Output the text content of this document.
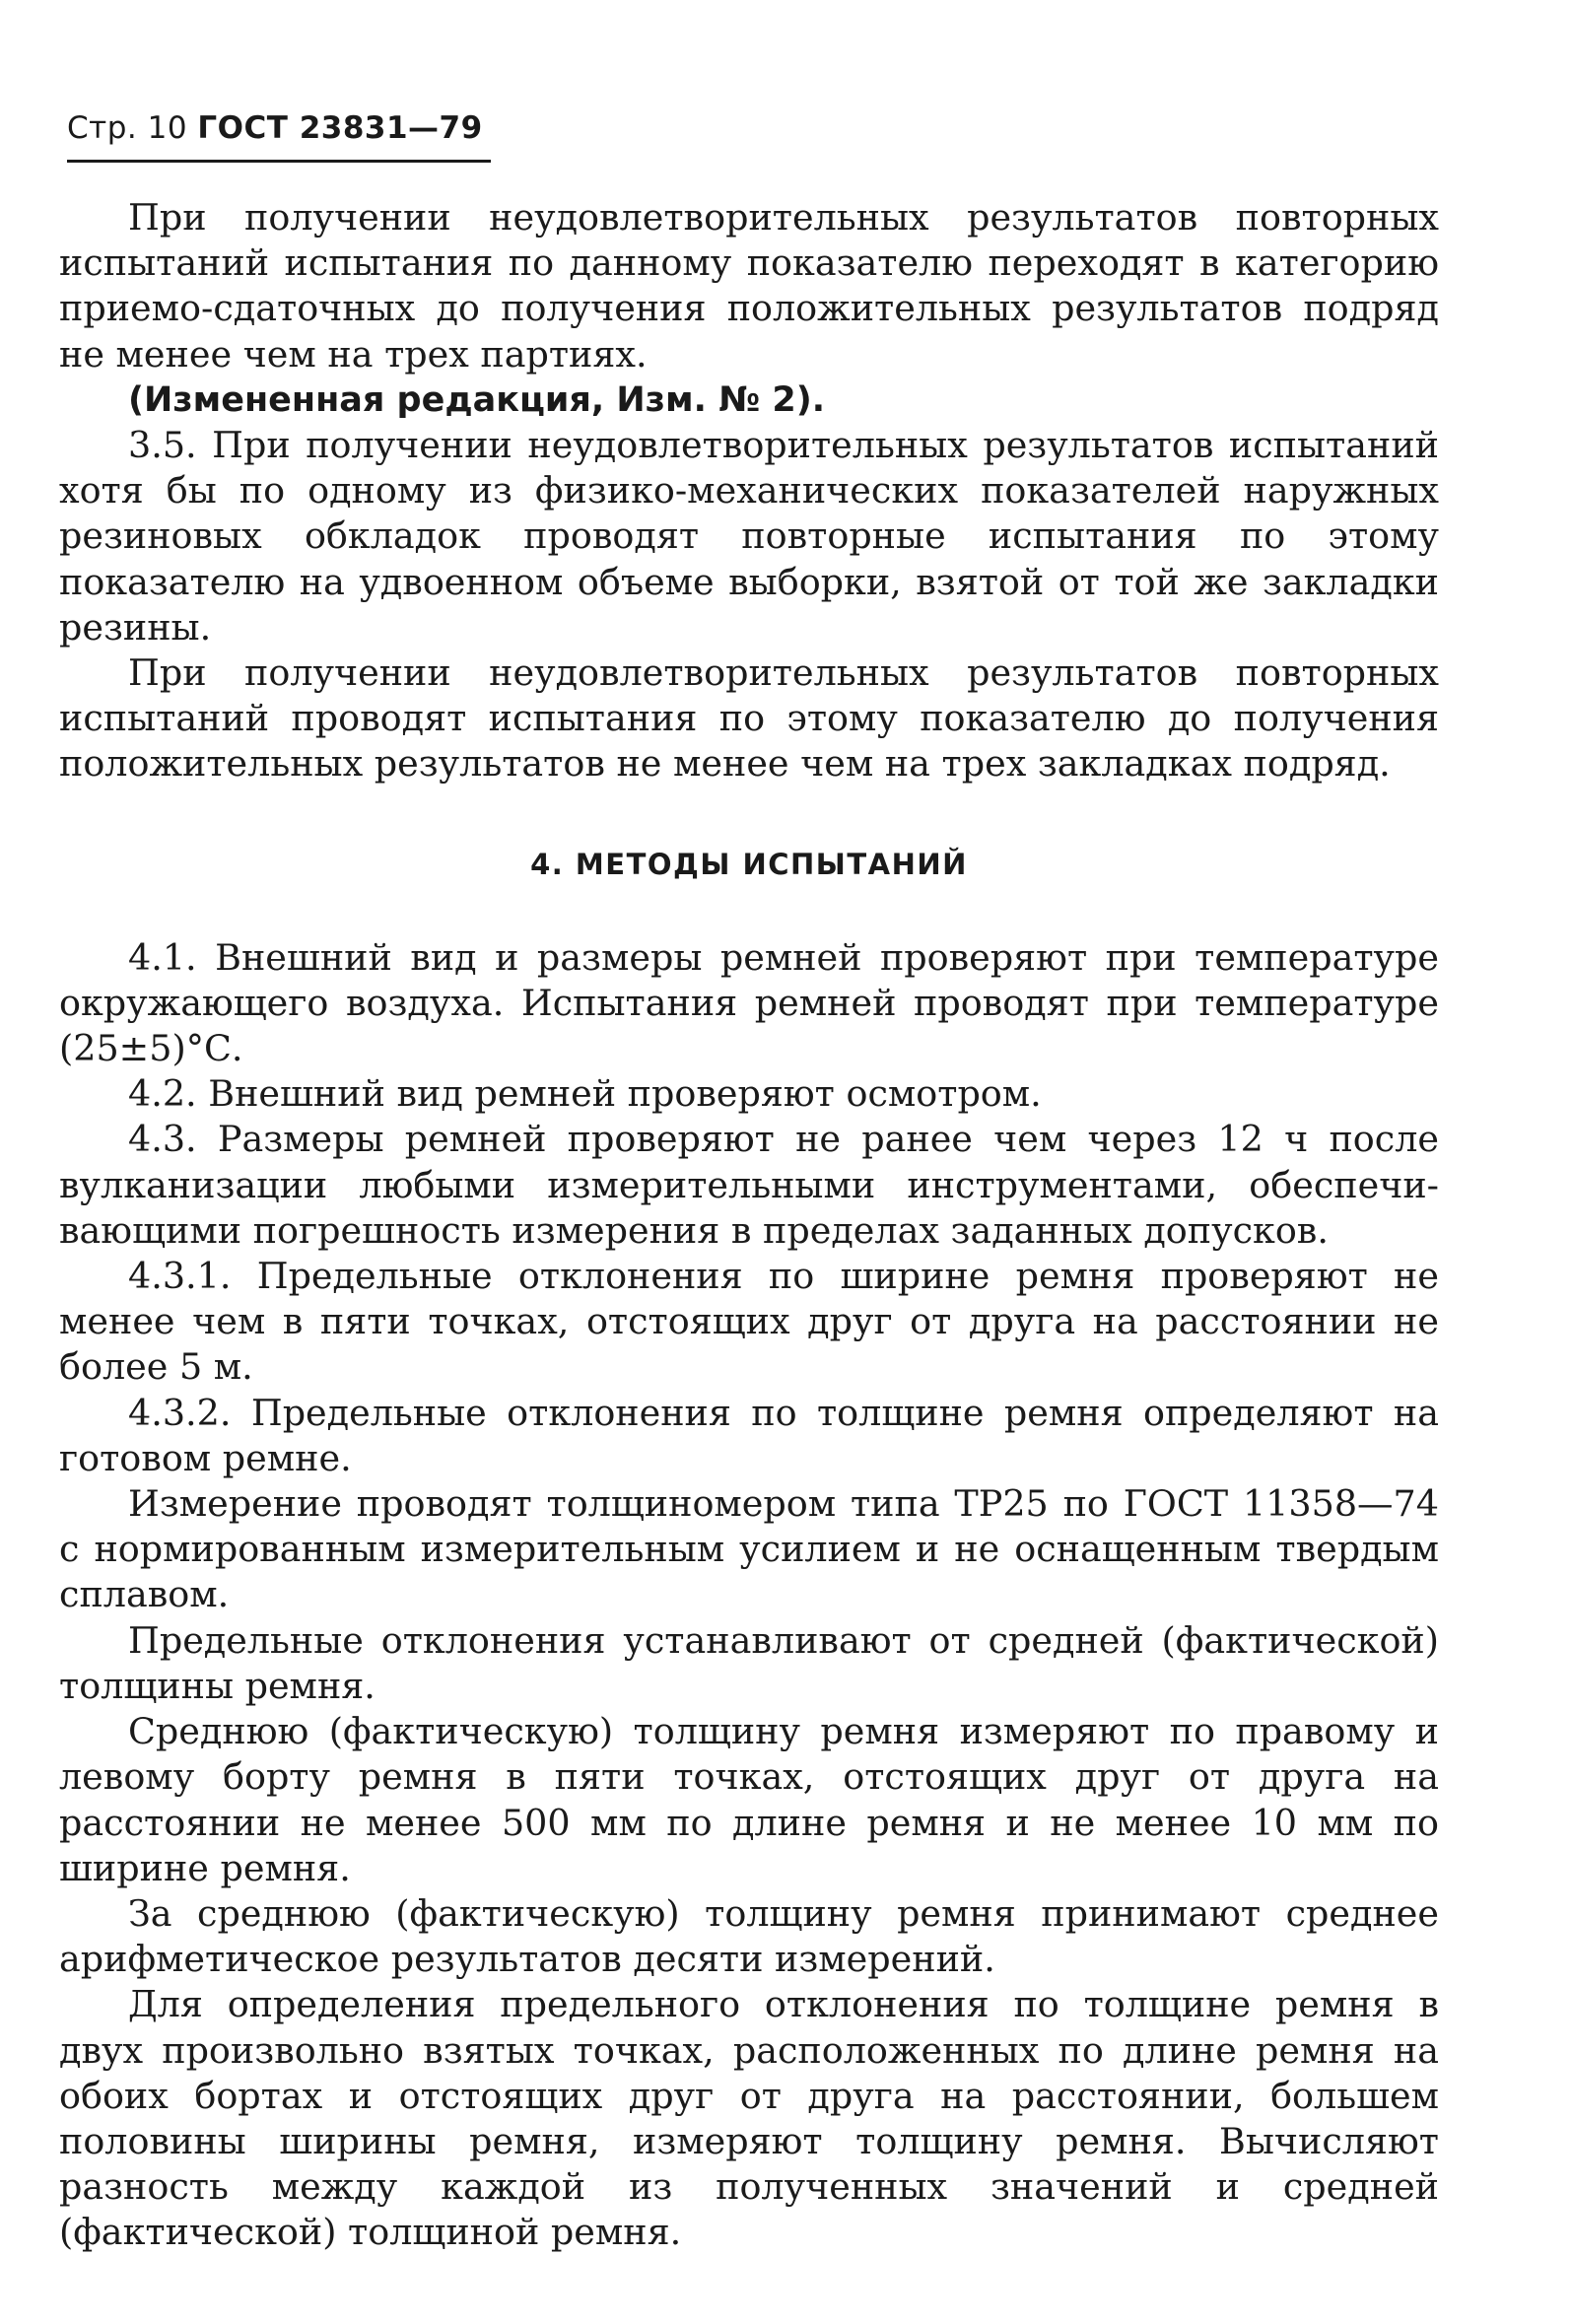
Стр. 10 ГОСТ 23831—79

При получении неудовлетворительных результатов повторных испытаний испытания по данному показателю переходят в категорию приемо-сдаточных до получения положительных результатов подряд не менее чем на трех партиях.

(Измененная редакция, Изм. № 2).

3.5. При получении неудовлетворительных результатов испытаний хотя бы по одному из физико-механических показателей наружных резиновых обкладок проводят повторные испытания по этому показателю на удвоенном объеме выборки, взятой от той же закладки резины.

При получении неудовлетворительных результатов повторных испытаний проводят испытания по этому показателю до получения положительных результатов не менее чем на трех закладках подряд.

4. МЕТОДЫ ИСПЫТАНИЙ

4.1. Внешний вид и размеры ремней проверяют при температуре окружающего воздуха. Испытания ремней проводят при температуре (25±5)°С.

4.2. Внешний вид ремней проверяют осмотром.

4.3. Размеры ремней проверяют не ранее чем через 12 ч после вулканизации любыми измерительными инструментами, обеспечивающими погрешность измерения в пределах заданных допусков.

4.3.1. Предельные отклонения по ширине ремня проверяют не менее чем в пяти точках, отстоящих друг от друга на расстоянии не более 5 м.

4.3.2. Предельные отклонения по толщине ремня определяют на готовом ремне.

Измерение проводят толщиномером типа ТР25 по ГОСТ 11358—74 с нормированным измерительным усилием и не оснащенным твердым сплавом.

Предельные отклонения устанавливают от средней (фактической) толщины ремня.

Среднюю (фактическую) толщину ремня измеряют по правому и левому борту ремня в пяти точках, отстоящих друг от друга на расстоянии не менее 500 мм по длине ремня и не менее 10 мм по ширине ремня.

За среднюю (фактическую) толщину ремня принимают среднее арифметическое результатов десяти измерений.

Для определения предельного отклонения по толщине ремня в двух произвольно взятых точках, расположенных по длине ремня на обоих бортах и отстоящих друг от друга на расстоянии, большем половины ширины ремня, измеряют толщину ремня. Вычисляют разность между каждой из полученных значений и средней (фактической) толщиной ремня.
